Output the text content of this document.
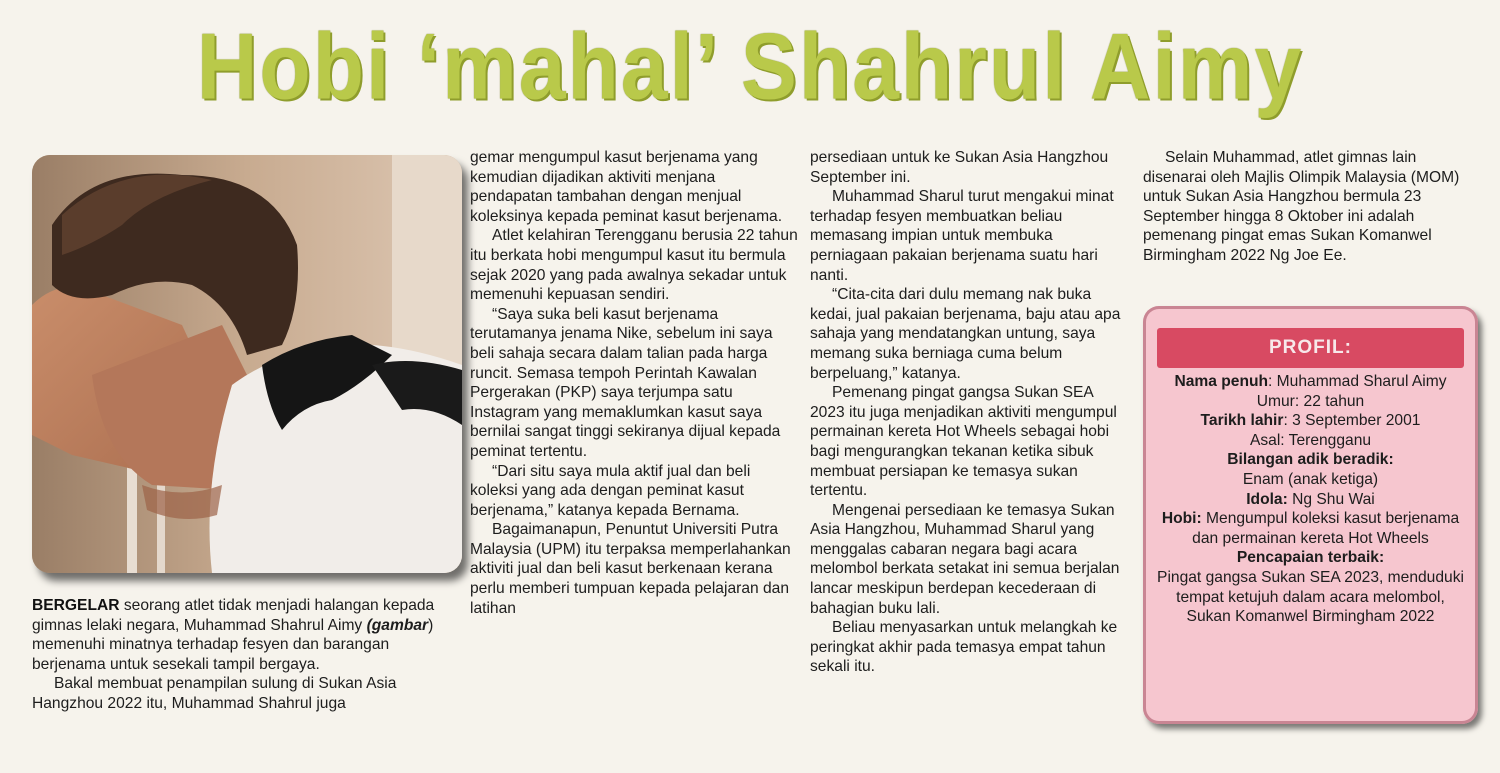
Hobi ‘mahal’ Shahrul Aimy

BERGELAR seorang atlet tidak menjadi halangan kepada gimnas lelaki negara, Muhammad Shahrul Aimy (gambar) memenuhi minatnya terhadap fesyen dan barangan berjenama untuk sesekali tampil bergaya.

Bakal membuat penampilan sulung di Sukan Asia Hangzhou 2022 itu, Muhammad Shahrul juga

gemar mengumpul kasut berjenama yang kemudian dijadikan aktiviti menjana pendapatan tambahan dengan menjual koleksinya kepada peminat kasut berjenama.

Atlet kelahiran Terengganu berusia 22 tahun itu berkata hobi mengumpul kasut itu bermula sejak 2020 yang pada awalnya sekadar untuk memenuhi kepuasan sendiri.

“Saya suka beli kasut berjenama terutamanya jenama Nike, sebelum ini saya beli sahaja secara dalam talian pada harga runcit. Semasa tempoh Perintah Kawalan Pergerakan (PKP) saya terjumpa satu Instagram yang memaklumkan kasut saya bernilai sangat tinggi sekiranya dijual kepada peminat tertentu.

“Dari situ saya mula aktif jual dan beli koleksi yang ada dengan peminat kasut berjenama,” katanya kepada Bernama.

Bagaimanapun, Penuntut Universiti Putra Malaysia (UPM) itu terpaksa memperlahankan aktiviti jual dan beli kasut berkenaan kerana perlu memberi tumpuan kepada pelajaran dan latihan

persediaan untuk ke Sukan Asia Hangzhou September ini.

Muhammad Sharul turut mengakui minat terhadap fesyen membuatkan beliau memasang impian untuk membuka perniagaan pakaian berjenama suatu hari nanti.

“Cita-cita dari dulu memang nak buka kedai, jual pakaian berjenama, baju atau apa sahaja yang mendatangkan untung, saya memang suka berniaga cuma belum berpeluang,” katanya.

Pemenang pingat gangsa Sukan SEA 2023 itu juga menjadikan aktiviti mengumpul permainan kereta Hot Wheels sebagai hobi bagi mengurangkan tekanan ketika sibuk membuat persiapan ke temasya sukan tertentu.

Mengenai persediaan ke temasya Sukan Asia Hangzhou, Muhammad Sharul yang menggalas cabaran negara bagi acara melombol berkata setakat ini semua berjalan lancar meskipun berdepan kecederaan di bahagian buku lali.

Beliau menyasarkan untuk melangkah ke peringkat akhir pada temasya empat tahun sekali itu.

Selain Muhammad, atlet gimnas lain disenarai oleh Majlis Olimpik Malaysia (MOM) untuk Sukan Asia Hangzhou bermula 23 September hingga 8 Oktober ini adalah pemenang pingat emas Sukan Komanwel Birmingham 2022 Ng Joe Ee.

PROFIL:
Nama penuh: Muhammad Sharul Aimy
Umur: 22 tahun
Tarikh lahir: 3 September 2001
Asal: Terengganu
Bilangan adik beradik:
Enam (anak ketiga)
Idola: Ng Shu Wai
Hobi: Mengumpul koleksi kasut berjenama dan permainan kereta Hot Wheels
Pencapaian terbaik:
Pingat gangsa Sukan SEA 2023, menduduki tempat ketujuh dalam acara melombol, Sukan Komanwel Birmingham 2022
